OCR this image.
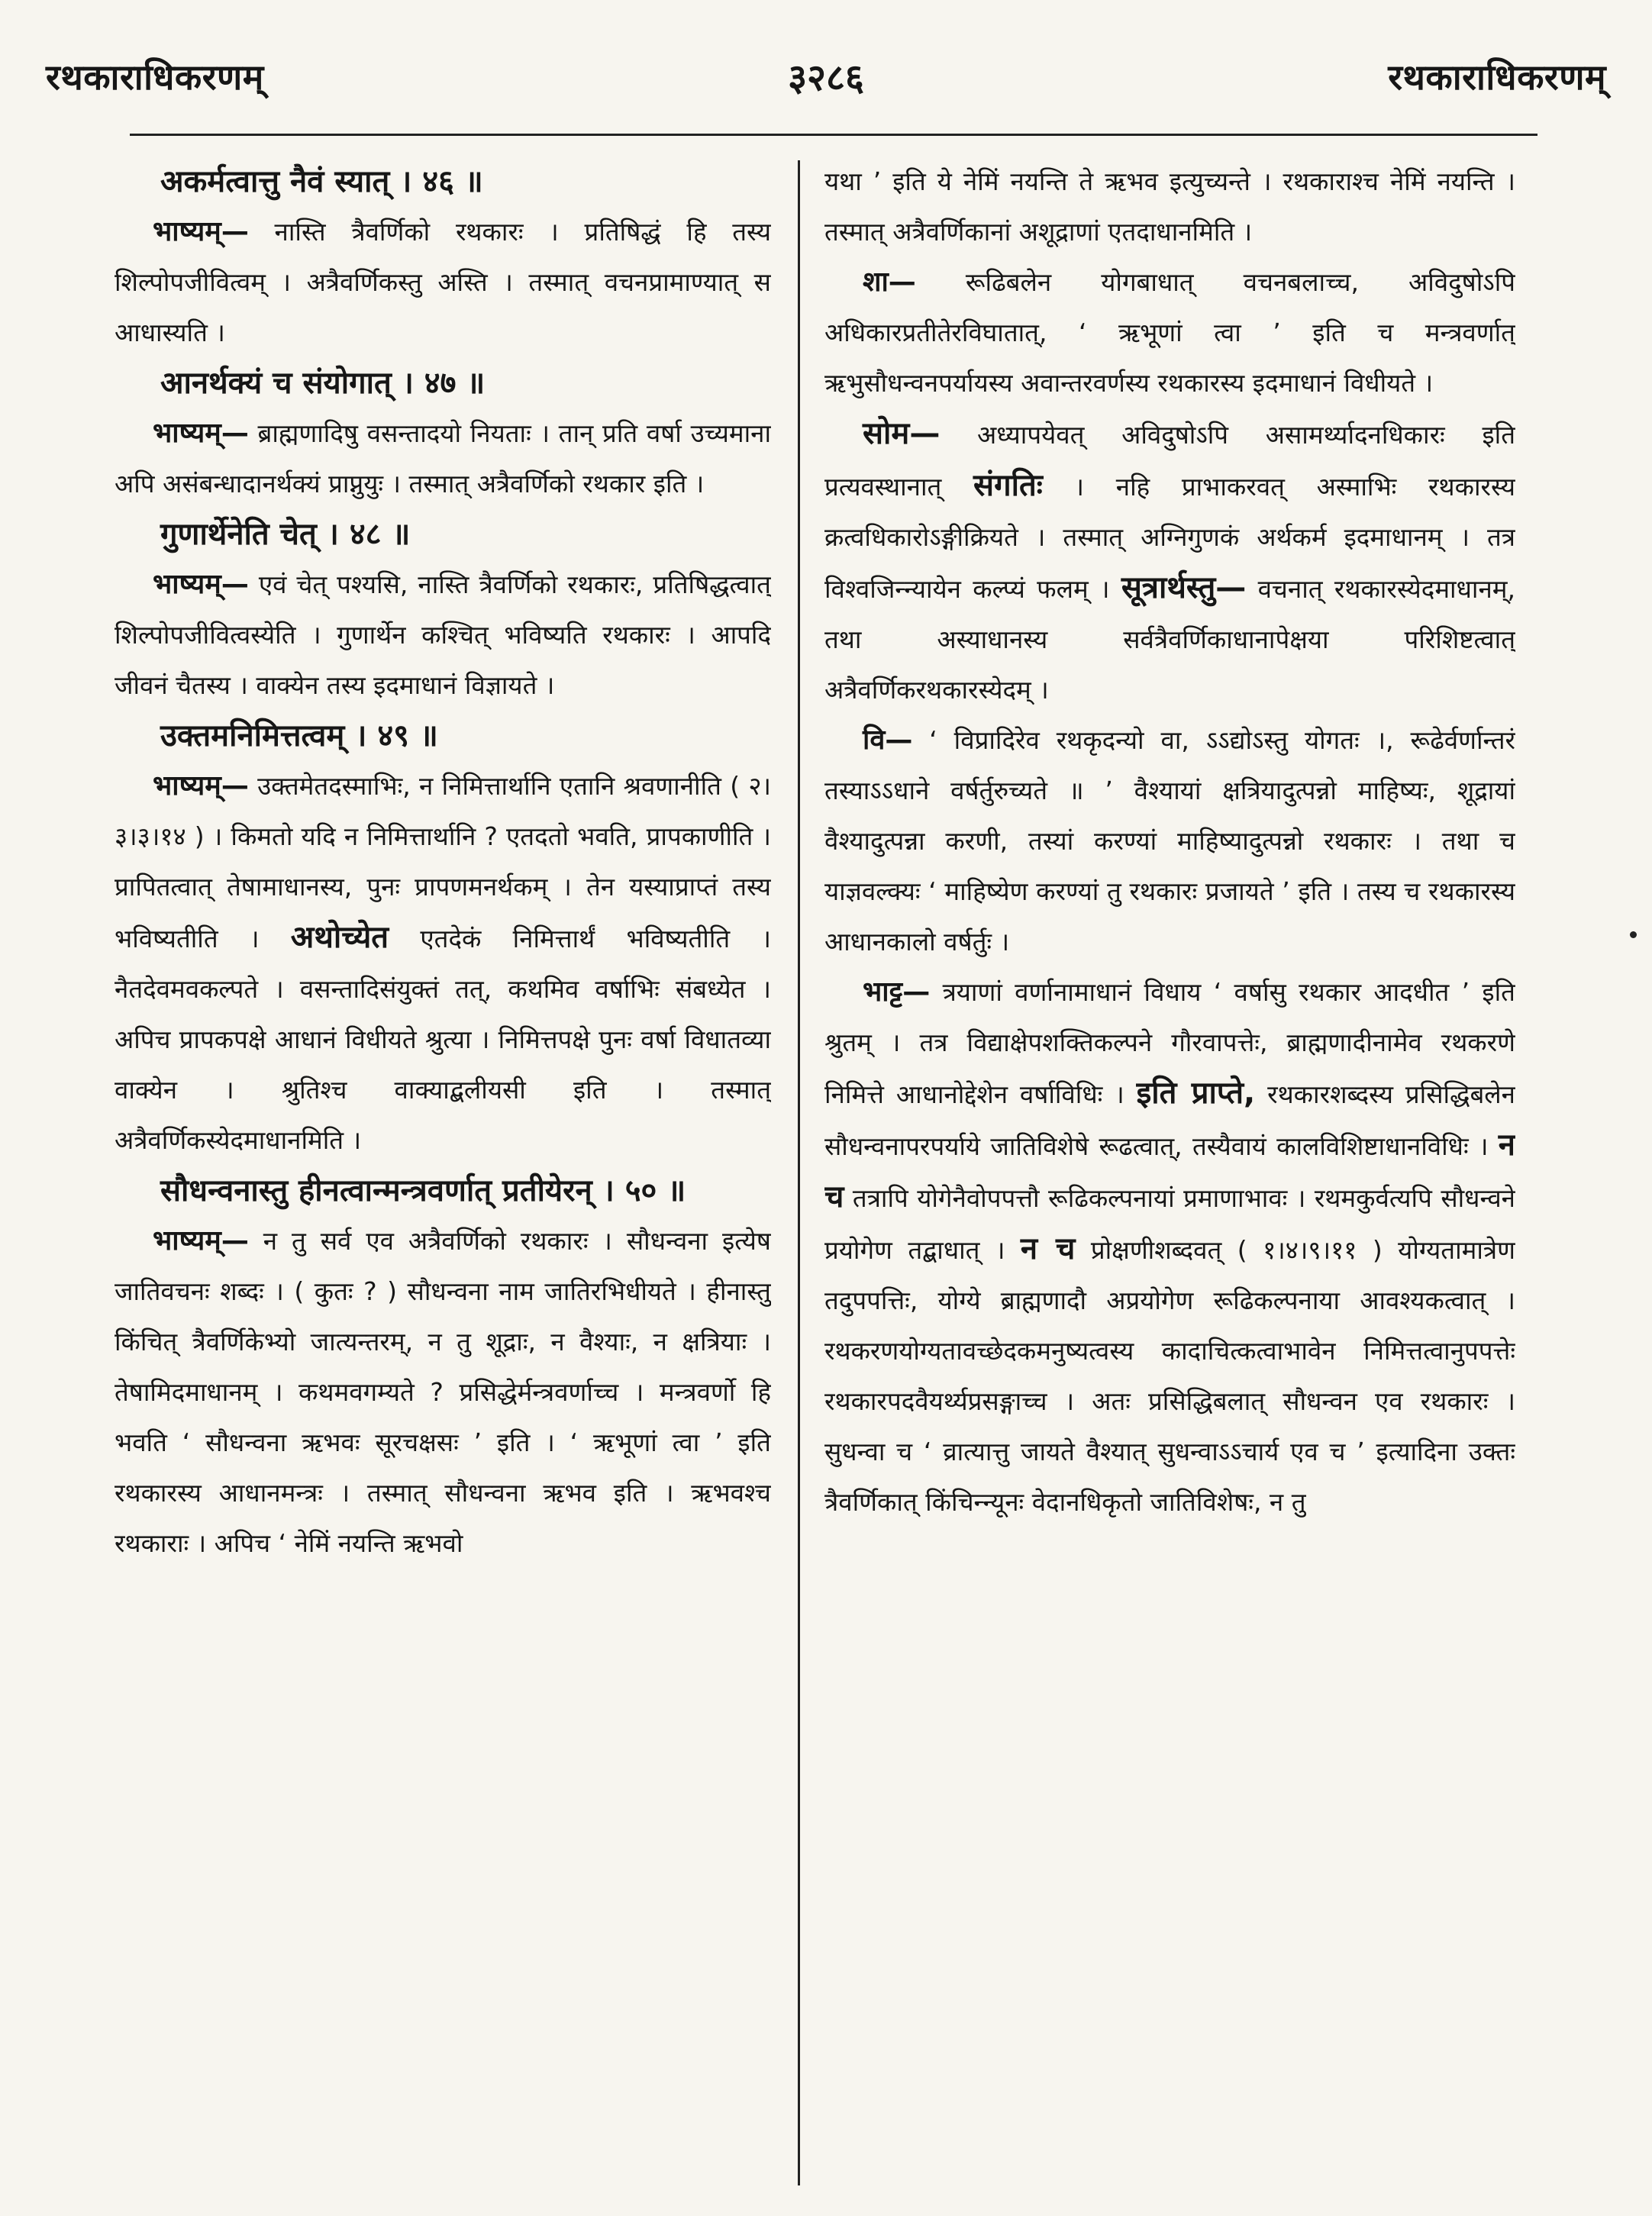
रथकाराधिकरणम्	३२८६	रथकाराधिकरणम्

अकर्मत्वात्तु नैवं स्यात् । ४६ ॥

भाष्यम्— नास्ति त्रैवर्णिको रथकारः । प्रतिषिद्धं हि तस्य शिल्पोपजीवित्वम् । अत्रैवर्णिकस्तु अस्ति । तस्मात् वचनप्रामाण्यात् स आधास्यति ।

आनर्थक्यं च संयोगात् । ४७ ॥

भाष्यम्— ब्राह्मणादिषु वसन्तादयो नियताः । तान् प्रति वर्षा उच्यमाना अपि असंबन्धादानर्थक्यं प्राप्नुयुः । तस्मात् अत्रैवर्णिको रथकार इति ।

गुणार्थेनेति चेत् । ४८ ॥

भाष्यम्— एवं चेत् पश्यसि, नास्ति त्रैवर्णिको रथकारः, प्रतिषिद्धत्वात् शिल्पोपजीवित्वस्येति । गुणार्थेन कश्चित् भविष्यति रथकारः । आपदि जीवनं चैतस्य । वाक्येन तस्य इदमाधानं विज्ञायते ।

उक्तमनिमित्तत्वम् । ४९ ॥

भाष्यम्— उक्तमेतदस्माभिः, न निमित्तार्थानि एतानि श्रवणानीति ( २।३।३।१४ ) । किमतो यदि न निमित्तार्थानि ? एतदतो भवति, प्रापकाणीति । प्रापितत्वात् तेषामाधानस्य, पुनः प्रापणमनर्थकम् । तेन यस्याप्राप्तं तस्य भविष्यतीति । अथोच्येत एतदेकं निमित्तार्थं भविष्यतीति । नैतदेवमवकल्पते । वसन्तादिसंयुक्तं तत्, कथमिव वर्षाभिः संबध्येत । अपिच प्रापकपक्षे आधानं विधीयते श्रुत्या । निमित्तपक्षे पुनः वर्षा विधातव्या वाक्येन । श्रुतिश्च वाक्याद्बलीयसी इति । तस्मात् अत्रैवर्णिकस्येदमाधानमिति ।

सौधन्वनास्तु हीनत्वान्मन्त्रवर्णात् प्रतीयेरन् । ५० ॥

भाष्यम्— न तु सर्व एव अत्रैवर्णिको रथकारः । सौधन्वना इत्येष जातिवचनः शब्दः । ( कुतः ? ) सौधन्वना नाम जातिरभिधीयते । हीनास्तु किंचित् त्रैवर्णिकेभ्यो जात्यन्तरम्, न तु शूद्राः, न वैश्याः, न क्षत्रियाः । तेषामिदमाधानम् । कथमवगम्यते ? प्रसिद्धेर्मन्त्रवर्णाच्च । मन्त्रवर्णो हि भवति ‘ सौधन्वना ऋभवः सूरचक्षसः ’ इति । ‘ ऋभूणां त्वा ’ इति रथकारस्य आधानमन्त्रः । तस्मात् सौधन्वना ऋभव इति । ऋभवश्च रथकाराः । अपिच ‘ नेमिं नयन्ति ऋभवो

यथा ’ इति ये नेमिं नयन्ति ते ऋभव इत्युच्यन्ते । रथकाराश्च नेमिं नयन्ति । तस्मात् अत्रैवर्णिकानां अशूद्राणां एतदाधानमिति ।

शा— रूढिबलेन योगबाधात् वचनबलाच्च, अविदुषोऽपि अधिकारप्रतीतेरविघातात्, ‘ ऋभूणां त्वा ’ इति च मन्त्रवर्णात् ऋभुसौधन्वनपर्यायस्य अवान्तरवर्णस्य रथकारस्य इदमाधानं विधीयते ।

सोम— अध्यापयेवत् अविदुषोऽपि असामर्थ्यादनधिकारः इति प्रत्यवस्थानात् संगतिः । नहि प्राभाकरवत् अस्माभिः रथकारस्य क्रत्वधिकारोऽङ्गीक्रियते । तस्मात् अग्निगुणकं अर्थकर्म इदमाधानम् । तत्र विश्वजिन्न्यायेन कल्प्यं फलम् । सूत्रार्थस्तु— वचनात् रथकारस्येदमाधानम्, तथा अस्याधानस्य सर्वत्रैवर्णिकाधानापेक्षया परिशिष्टत्वात् अत्रैवर्णिकरथकारस्येदम् ।

वि— ‘ विप्रादिरेव रथकृदन्यो वा, ऽऽद्योऽस्तु योगतः ।, रूढेर्वर्णान्तरं तस्याऽऽधाने वर्षर्तुरुच्यते ॥ ’ वैश्यायां क्षत्रियादुत्पन्नो माहिष्यः, शूद्रायां वैश्यादुत्पन्ना करणी, तस्यां करण्यां माहिष्यादुत्पन्नो रथकारः । तथा च याज्ञवल्क्यः ‘ माहिष्येण करण्यां तु रथकारः प्रजायते ’ इति । तस्य च रथकारस्य आधानकालो वर्षर्तुः ।

भाट्ट— त्रयाणां वर्णानामाधानं विधाय ‘ वर्षासु रथकार आदधीत ’ इति श्रुतम् । तत्र विद्याक्षेपशक्तिकल्पने गौरवापत्तेः, ब्राह्मणादीनामेव रथकरणे निमित्ते आधानोद्देशेन वर्षाविधिः । इति प्राप्ते, रथकारशब्दस्य प्रसिद्धिबलेन सौधन्वनापरपर्याये जातिविशेषे रूढत्वात्, तस्यैवायं कालविशिष्टाधानविधिः । न च तत्रापि योगेनैवोपपत्तौ रूढिकल्पनायां प्रमाणाभावः । रथमकुर्वत्यपि सौधन्वने प्रयोगेण तद्बाधात् । न च प्रोक्षणीशब्दवत् ( १।४।९।११ ) योग्यतामात्रेण तदुपपत्तिः, योग्ये ब्राह्मणादौ अप्रयोगेण रूढिकल्पनाया आवश्यकत्वात् । रथकरणयोग्यतावच्छेदकमनुष्यत्वस्य कादाचित्कत्वाभावेन निमित्तत्वानुपपत्तेः रथकारपदवैयर्थ्यप्रसङ्गाच्च । अतः प्रसिद्धिबलात् सौधन्वन एव रथकारः । सुधन्वा च ‘ व्रात्यात्तु जायते वैश्यात् सुधन्वाऽऽचार्य एव च ’ इत्यादिना उक्तः त्रैवर्णिकात् किंचिन्न्यूनः वेदानधिकृतो जातिविशेषः, न तु
